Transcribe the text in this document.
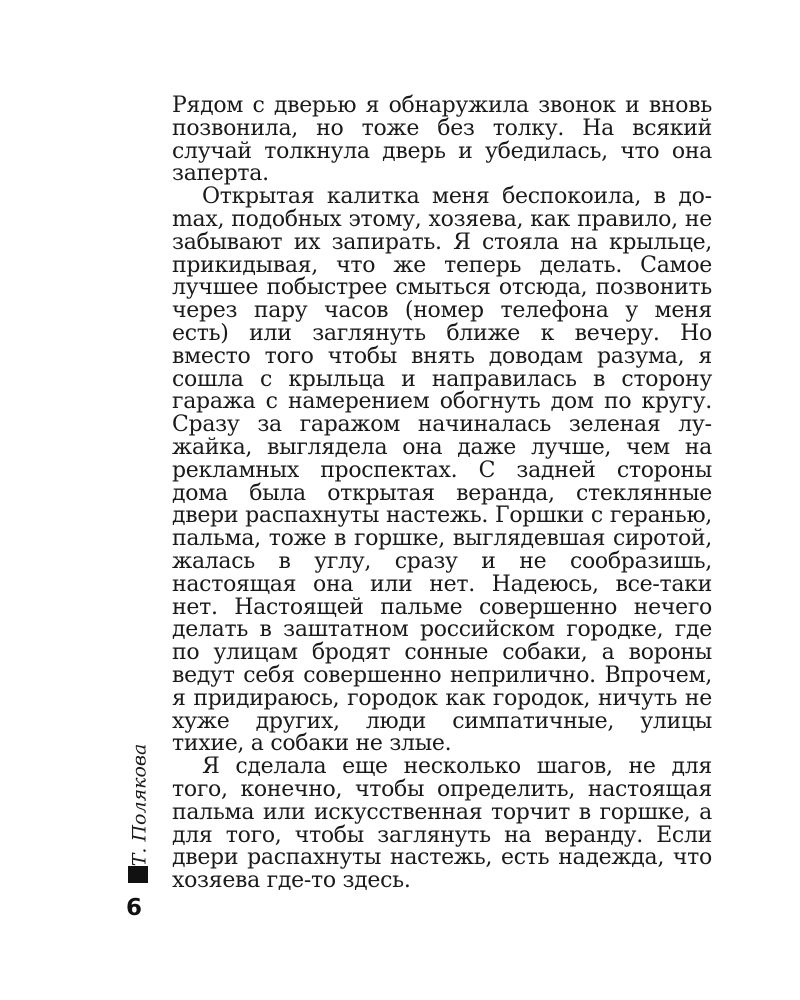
Рядом с дверью я обнаружила звонок и вновь позвонила, но тоже без толку. На всякий случай толкнула дверь и убедилась, что она заперта.

Открытая калитка меня беспокоила, в доmах, подобных этому, хозяева, как правило, не забывают их запирать. Я стояла на крыльце, прикидывая, что же теперь делать. Самое лучшее побыстрее смыться отсюда, позвонить через пару часов (номер телефона у меня есть) или заглянуть ближе к вечеру. Но вместо того чтобы внять доводам разума, я сошла с крыльца и направилась в сторону гаража с намерением обогнуть дом по кругу. Сразу за гаражом начиналась зеленая лужайка, выглядела она даже лучше, чем на рекламных проспектах. С задней стороны дома была открытая веранда, стеклянные двери распахнуты настежь. Горшки с геранью, пальма, тоже в горшке, выглядевшая сиротой, жалась в углу, сразу и не сообразишь, настоящая она или нет. Надеюсь, все-таки нет. Настоящей пальме совершенно нечего делать в заштатном российском городке, где по улицам бродят сонные собаки, а вороны ведут себя совершенно неприлично. Впрочем, я придираюсь, городок как городок, ничуть не хуже других, люди симпатичные, улицы тихие, а собаки не злые.

Я сделала еще несколько шагов, не для того, конечно, чтобы определить, настоящая пальма или искусственная торчит в горшке, а для того, чтобы заглянуть на веранду. Если двери распахнуты настежь, есть надежда, что хозяева где-то здесь.

Т. Полякова
6
